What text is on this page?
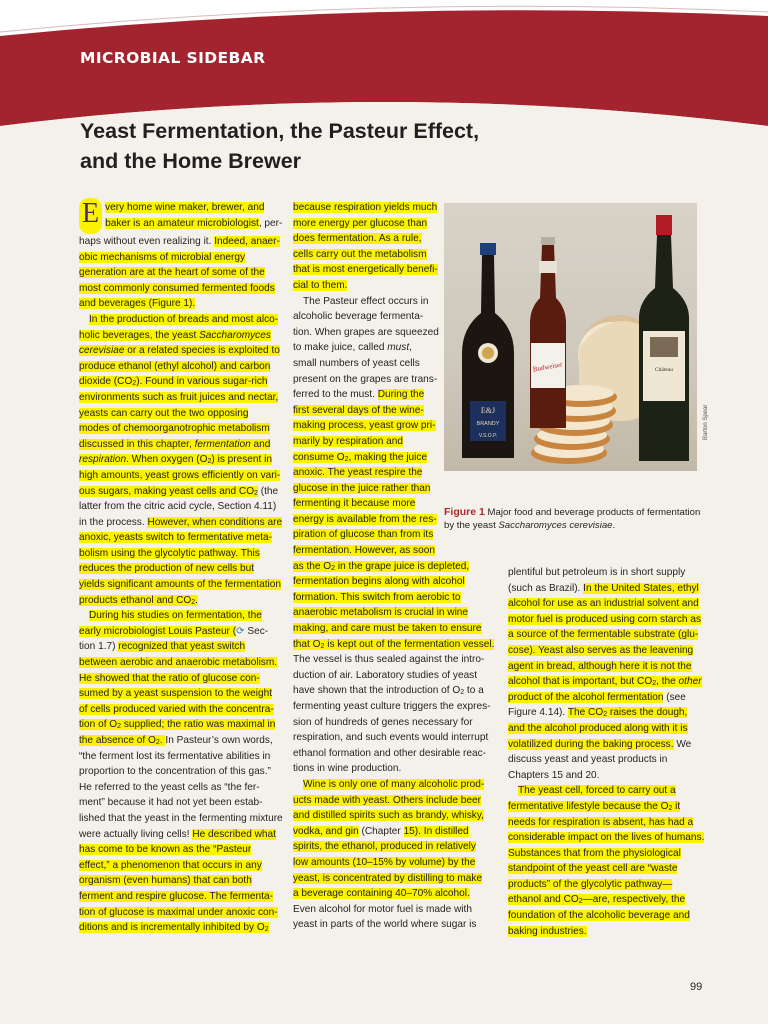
MICROBIAL SIDEBAR
Yeast Fermentation, the Pasteur Effect,
and the Home Brewer
E very home wine maker, brewer, and
baker is an amateur microbiologist, per-
haps without even realizing it. Indeed, anaer-
obic mechanisms of microbial energy
generation are at the heart of some of the
most commonly consumed fermented foods
and beverages (Figure 1).
In the production of breads and most alco-
holic beverages, the yeast Saccharomyces
cerevisiae or a related species is exploited to
produce ethanol (ethyl alcohol) and carbon
dioxide $(CO_2)$. Found in various sugar-rich
environments such as fruit juices and nectar,
yeasts can carry out the two opposing
modes of chemoorganotrophic metabolism
discussed in this chapter, fermentation and
respiration. When oxygen $(O_2)$ is present in
high amounts, yeast grows efficiently on vari-
ous sugars, making yeast cells and $CO_2$ (the
latter from the citric acid cycle, Section 4.11)
in the process. However, when conditions are
anoxic, yeasts switch to fermentative meta-
bolism using the glycolytic pathway. This
reduces the production of new cells but
yields significant amounts of the fermentation
products ethanol and $CO_2$.
During his studies on fermentation, the
early microbiologist Louis Pasteur (⟳ Sec-
tion 1.7) recognized that yeast switch
between aerobic and anaerobic metabolism.
He showed that the ratio of glucose con-
sumed by a yeast suspension to the weight
of cells produced varied with the concentra-
tion of $O_2$ supplied; the ratio was maximal in
the absence of $O_2$. In Pasteur’s own words,
“the ferment lost its fermentative abilities in
proportion to the concentration of this gas.”
He referred to the yeast cells as “the fer-
ment” because it had not yet been estab-
lished that the yeast in the fermenting mixture
were actually living cells! He described what
has come to be known as the “Pasteur
effect,” a phenomenon that occurs in any
organism (even humans) that can both
ferment and respire glucose. The fermenta-
tion of glucose is maximal under anoxic con-
ditions and is incrementally inhibited by $O_2$
because respiration yields much
more energy per glucose than
does fermentation. As a rule,
cells carry out the metabolism
that is most energetically benefi-
cial to them.
The Pasteur effect occurs in
alcoholic beverage fermenta-
tion. When grapes are squeezed
to make juice, called must,
small numbers of yeast cells
present on the grapes are trans-
ferred to the must. During the
first several days of the wine-
making process, yeast grow pri-
marily by respiration and
consume $O_2$, making the juice
anoxic. The yeast respire the
glucose in the juice rather than
fermenting it because more
energy is available from the res-
piration of glucose than from its
fermentation. However, as soon
as the $O_2$ in the grape juice is depleted,
fermentation begins along with alcohol
formation. This switch from aerobic to
anaerobic metabolism is crucial in wine
making, and care must be taken to ensure
that $O_2$ is kept out of the fermentation vessel.
The vessel is thus sealed against the intro-
duction of air. Laboratory studies of yeast
have shown that the introduction of $O_2$ to a
fermenting yeast culture triggers the expres-
sion of hundreds of genes necessary for
respiration, and such events would interrupt
ethanol formation and other desirable reac-
tions in wine production.
Wine is only one of many alcoholic prod-
ucts made with yeast. Others include beer
and distilled spirits such as brandy, whisky,
vodka, and gin (Chapter 15). In distilled
spirits, the ethanol, produced in relatively
low amounts (10–15% by volume) by the
yeast, is concentrated by distilling to make
a beverage containing 40–70% alcohol.
Even alcohol for motor fuel is made with
yeast in parts of the world where sugar is
Budweiser
E&J
BRANDY
V.S.O.P.
Château
Barton Spear
Figure 1 Major food and beverage products of fermentation
by the yeast Saccharomyces cerevisiae.
plentiful but petroleum is in short supply
(such as Brazil). In the United States, ethyl
alcohol for use as an industrial solvent and
motor fuel is produced using corn starch as
a source of the fermentable substrate (glu-
cose). Yeast also serves as the leavening
agent in bread, although here it is not the
alcohol that is important, but $CO_2$, the other
product of the alcohol fermentation (see
Figure 4.14). The $CO_2$ raises the dough,
and the alcohol produced along with it is
volatilized during the baking process. We
discuss yeast and yeast products in
Chapters 15 and 20.
The yeast cell, forced to carry out a
fermentative lifestyle because the $O_2$ it
needs for respiration is absent, has had a
considerable impact on the lives of humans.
Substances that from the physiological
standpoint of the yeast cell are “waste
products” of the glycolytic pathway—
ethanol and $CO_2—are$, respectively, the
foundation of the alcoholic beverage and
baking industries.
99
